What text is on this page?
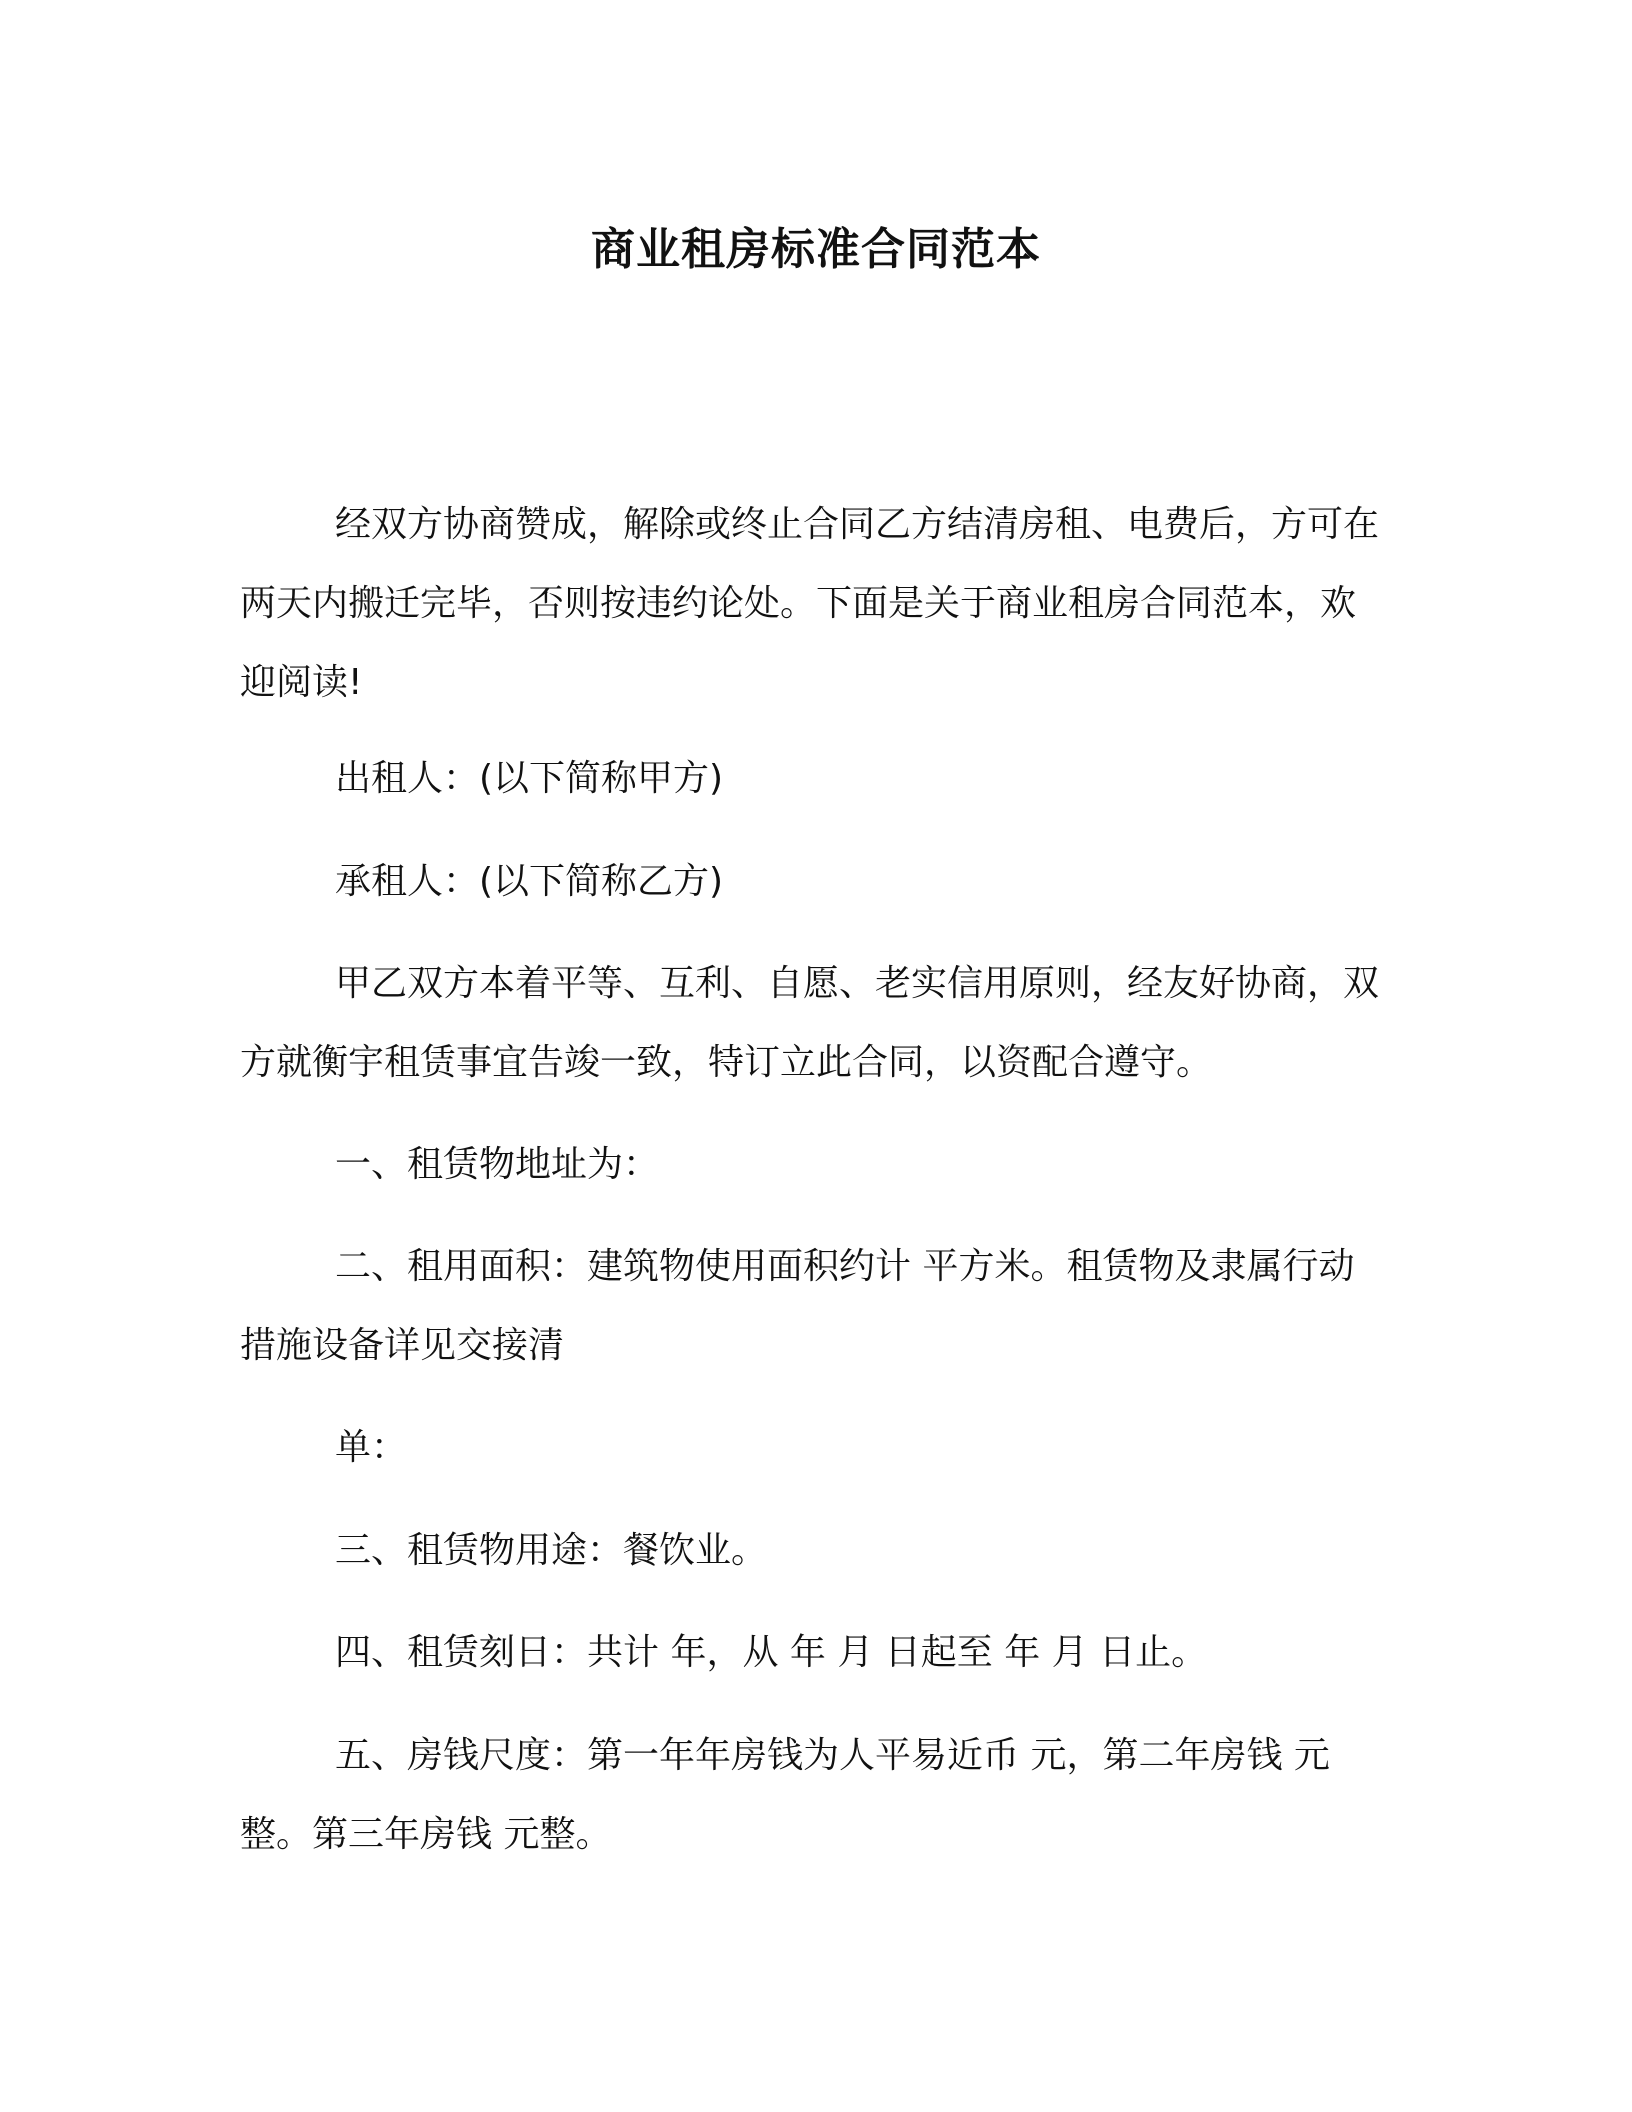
商业租房标准合同范本

经双方协商赞成，解除或终止合同乙方结清房租、电费后，方可在两天内搬迁完毕，否则按违约论处。下面是关于商业租房合同范本，欢迎阅读!

出租人：(以下简称甲方)

承租人：(以下简称乙方)

甲乙双方本着平等、互利、自愿、老实信用原则，经友好协商，双方就衡宇租赁事宜告竣一致，特订立此合同，以资配合遵守。

一、租赁物地址为：

二、租用面积：建筑物使用面积约计 平方米。租赁物及隶属行动措施设备详见交接清

单：

三、租赁物用途：餐饮业。

四、租赁刻日：共计 年，从 年 月 日起至 年 月 日止。

五、房钱尺度：第一年年房钱为人平易近币 元，第二年房钱 元整。第三年房钱 元整。
